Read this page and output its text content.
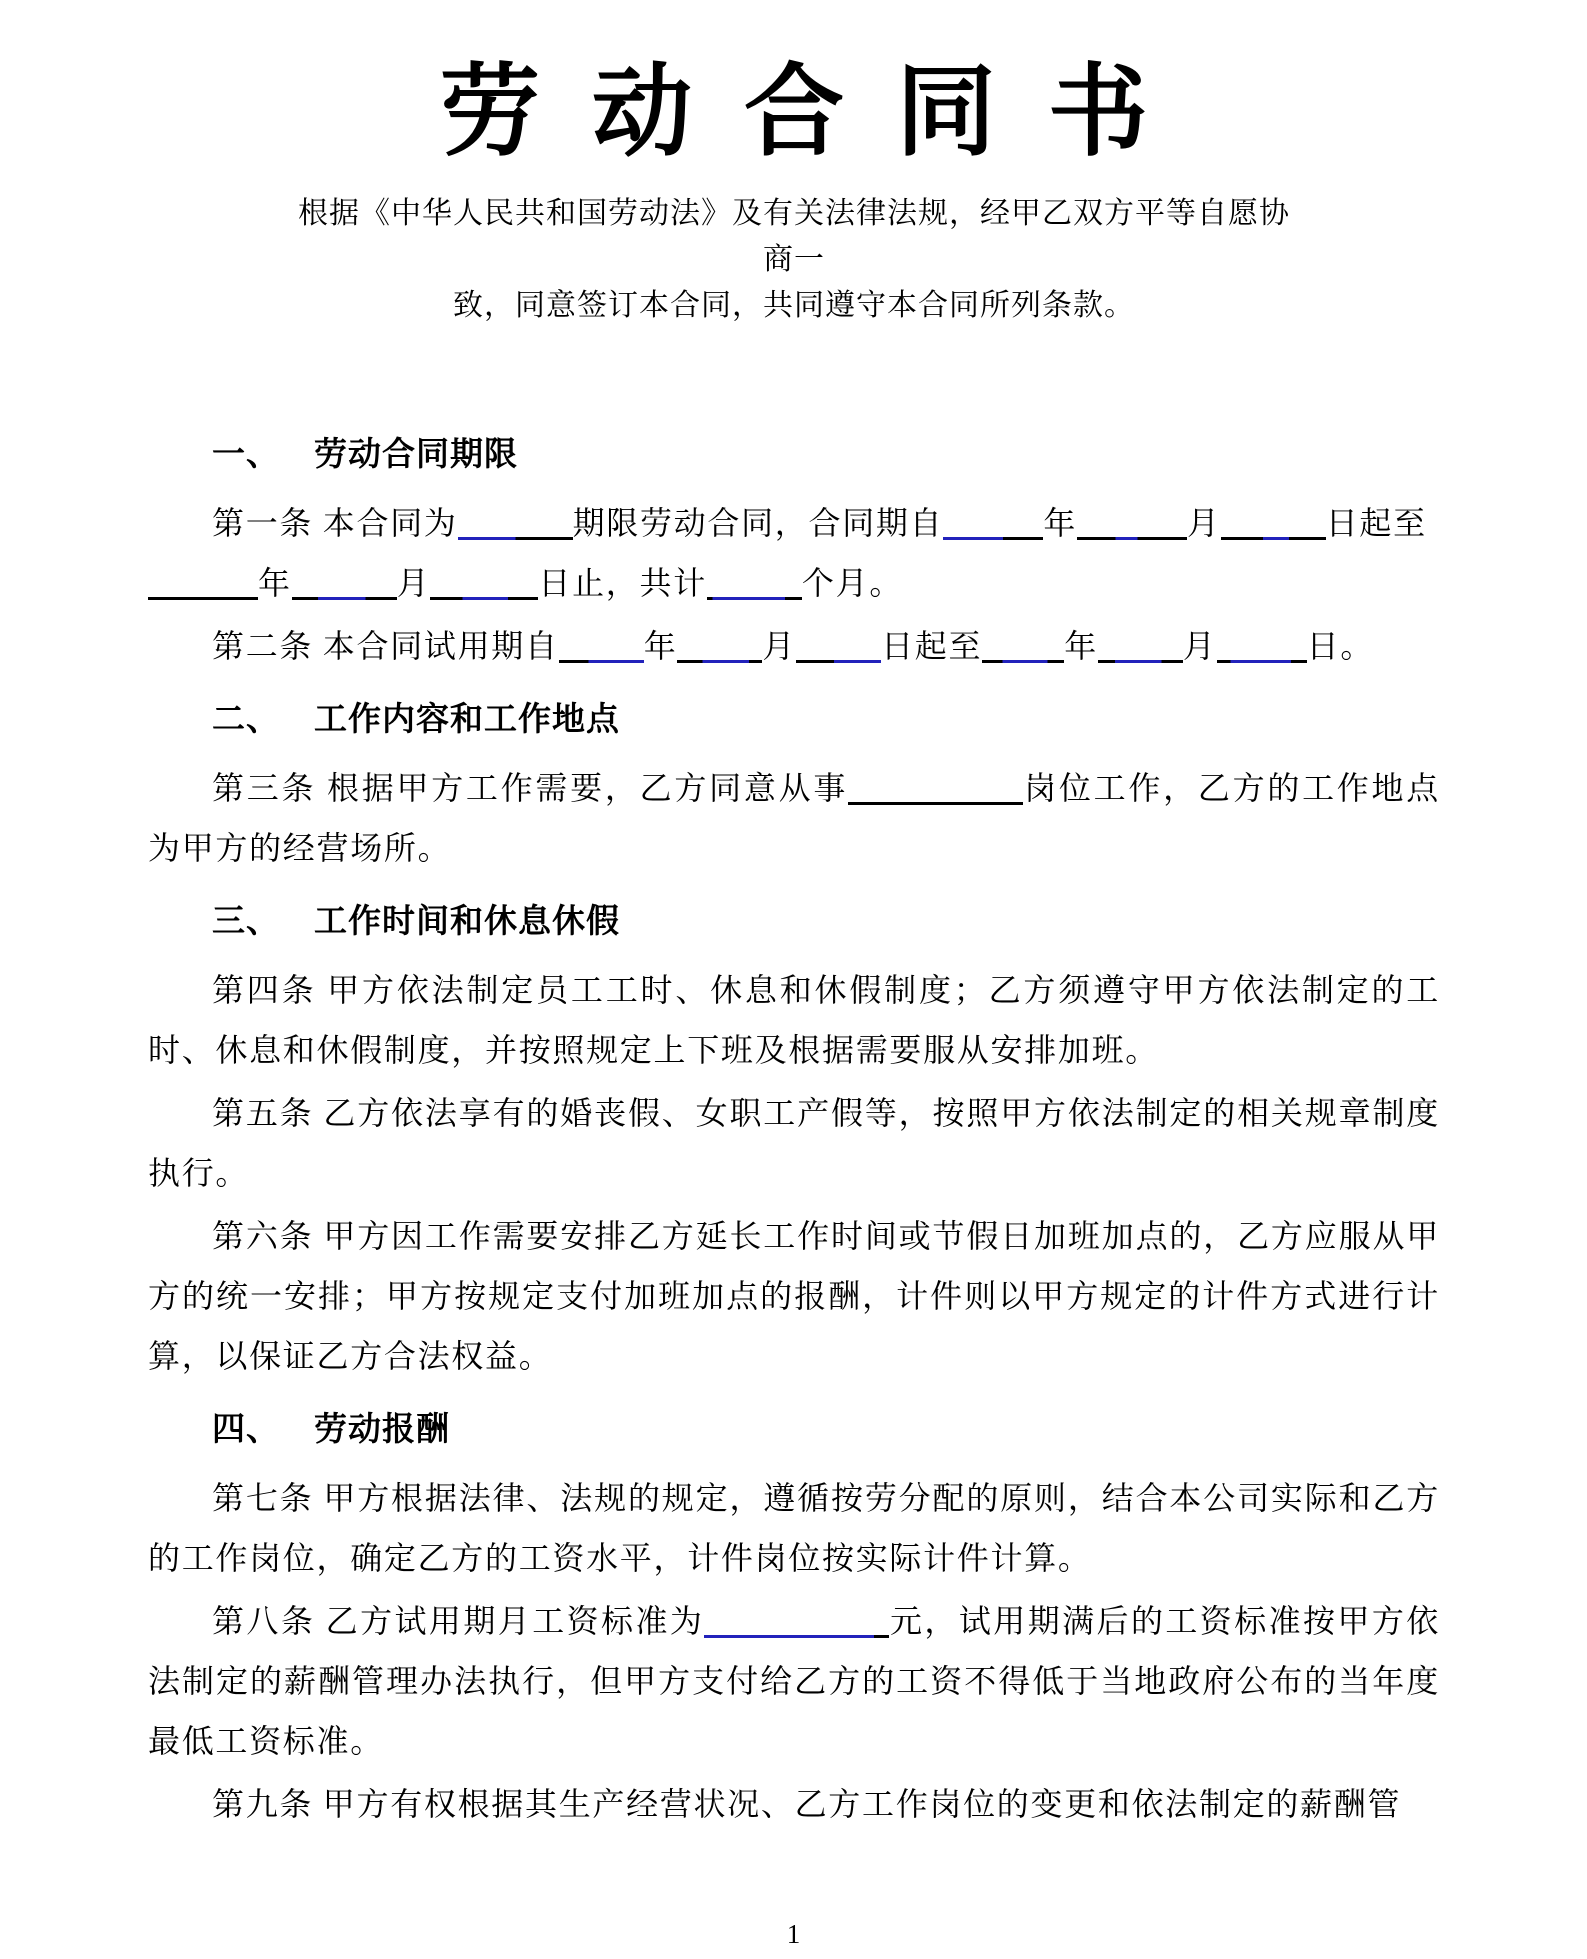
劳动合同书
根据《中华人民共和国劳动法》及有关法律法规，经甲乙双方平等自愿协商一
致，同意签订本合同，共同遵守本合同所列条款。
一、 劳动合同期限

第一条 本合同为	期限劳动合同，合同期自	年	月	日起至
年	月	日止，共计	个月。

第二条 本合同试用期自	年	月	日起至	年	月	日。

二、 工作内容和工作地点

第三条 根据甲方工作需要，乙方同意从事	岗位工作，乙方的工作地点为甲方的经营场所。

三、 工作时间和休息休假

第四条 甲方依法制定员工工时、休息和休假制度；乙方须遵守甲方依法制定的工时、休息和休假制度，并按照规定上下班及根据需要服从安排加班。

第五条 乙方依法享有的婚丧假、女职工产假等，按照甲方依法制定的相关规章制度执行。

第六条 甲方因工作需要安排乙方延长工作时间或节假日加班加点的，乙方应服从甲方的统一安排；甲方按规定支付加班加点的报酬，计件则以甲方规定的计件方式进行计算，以保证乙方合法权益。

四、 劳动报酬

第七条 甲方根据法律、法规的规定，遵循按劳分配的原则，结合本公司实际和乙方的工作岗位，确定乙方的工资水平，计件岗位按实际计件计算。

第八条 乙方试用期月工资标准为	元，试用期满后的工资标准按甲方依法制定的薪酬管理办法执行，但甲方支付给乙方的工资不得低于当地政府公布的当年度最低工资标准。

第九条 甲方有权根据其生产经营状况、乙方工作岗位的变更和依法制定的薪酬管

1
